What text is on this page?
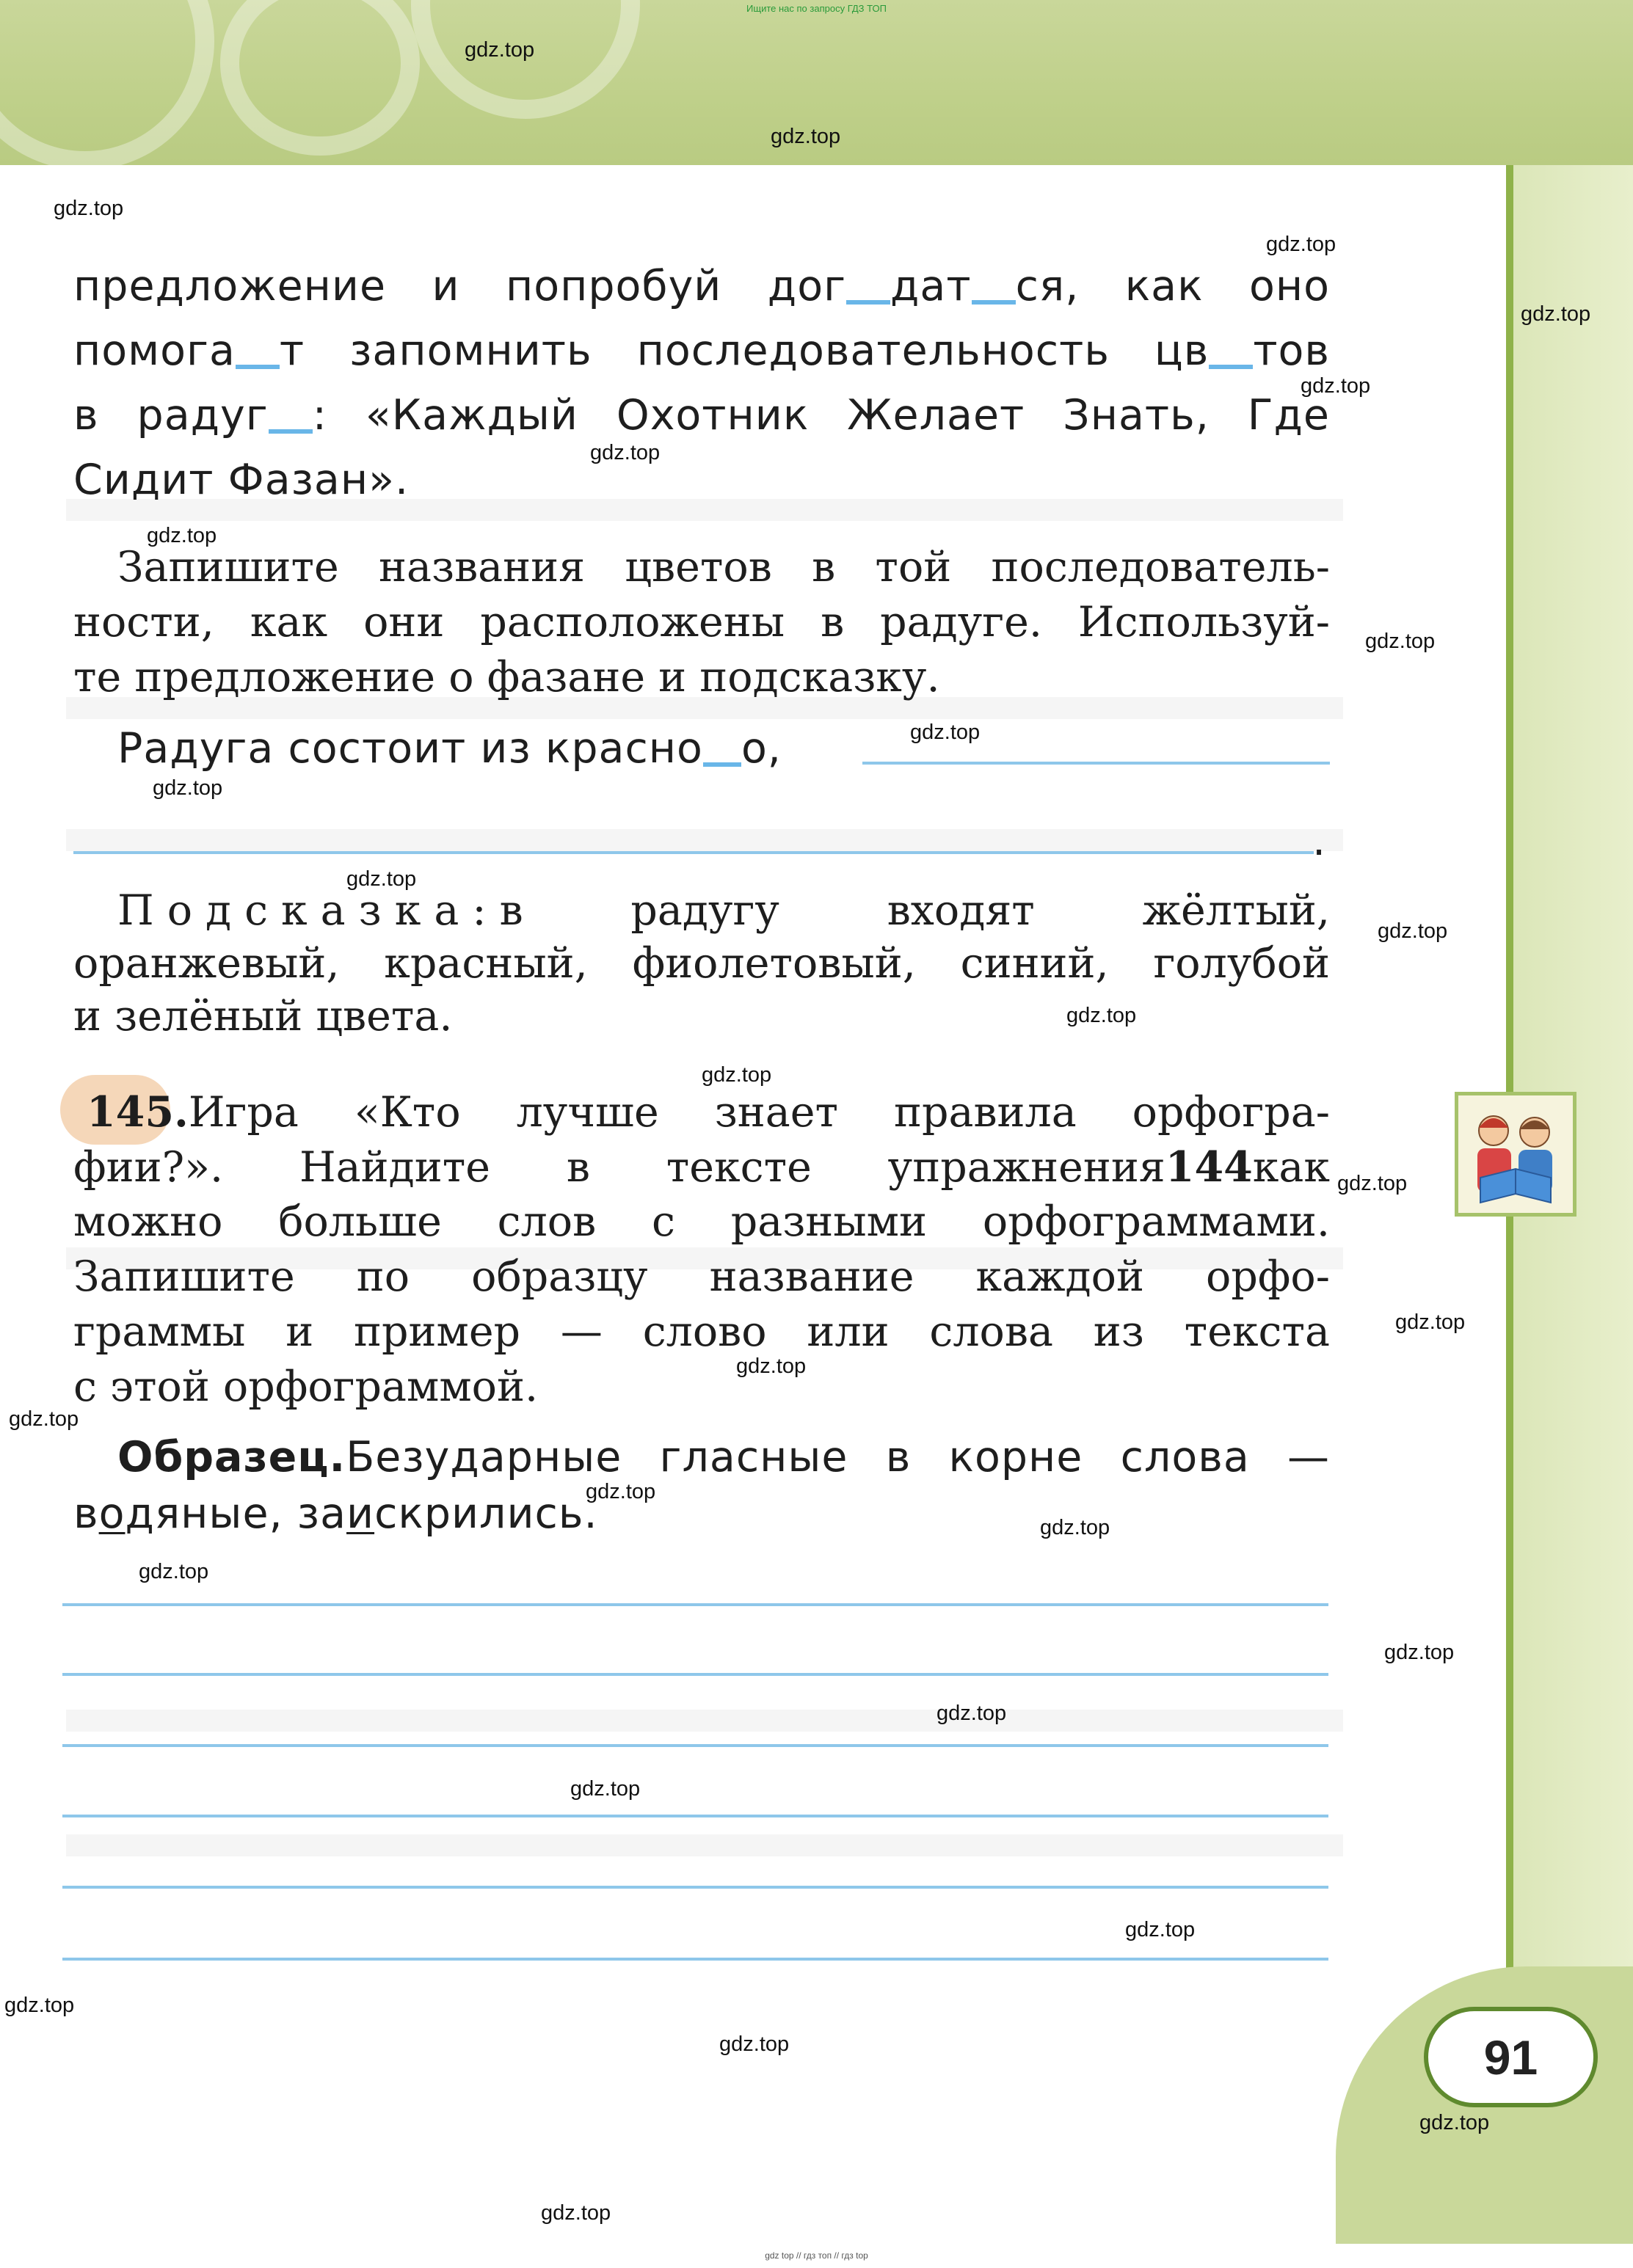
Ищите нас по запросу ГДЗ ТОП
предложение и попробуй дог дат ся, как оно
помога т запомнить последовательность цв тов
в радуг : «Каждый Охотник Желает Знать, Где
Сидит Фазан».
Запишите названия цветов в той последователь-
ности, как они расположены в радуге. Используй-
те предложение о фазане и подсказку.
Радуга состоит из красно о,
.
Подсказка:в радугу входят жёлтый,
оранжевый, красный, фиолетовый, синий, голубой
и зелёный цвета.
145.Игра «Кто лучше знает правила орфогра-
фии?». Найдите в тексте упражнения144как
можно больше слов с разными орфограммами.
Запишите по образцу название каждой орфо-
граммы и пример — слово или слова из текста
с этой орфограммой.
Образец.Безударные гласные в корне слова —
водяные, заискрились.
91
gdz.top
gdz.top
gdz.top
gdz.top
gdz.top
gdz.top
gdz.top
gdz.top
gdz.top
gdz.top
gdz.top
gdz.top
gdz.top
gdz.top
gdz.top
gdz.top
gdz.top
gdz.top
gdz.top
gdz.top
gdz.top
gdz.top
gdz.top
gdz.top
gdz.top
gdz.top
gdz.top
gdz.top
gdz.top
gdz.top
gdz top // гдз топ // гдз top
